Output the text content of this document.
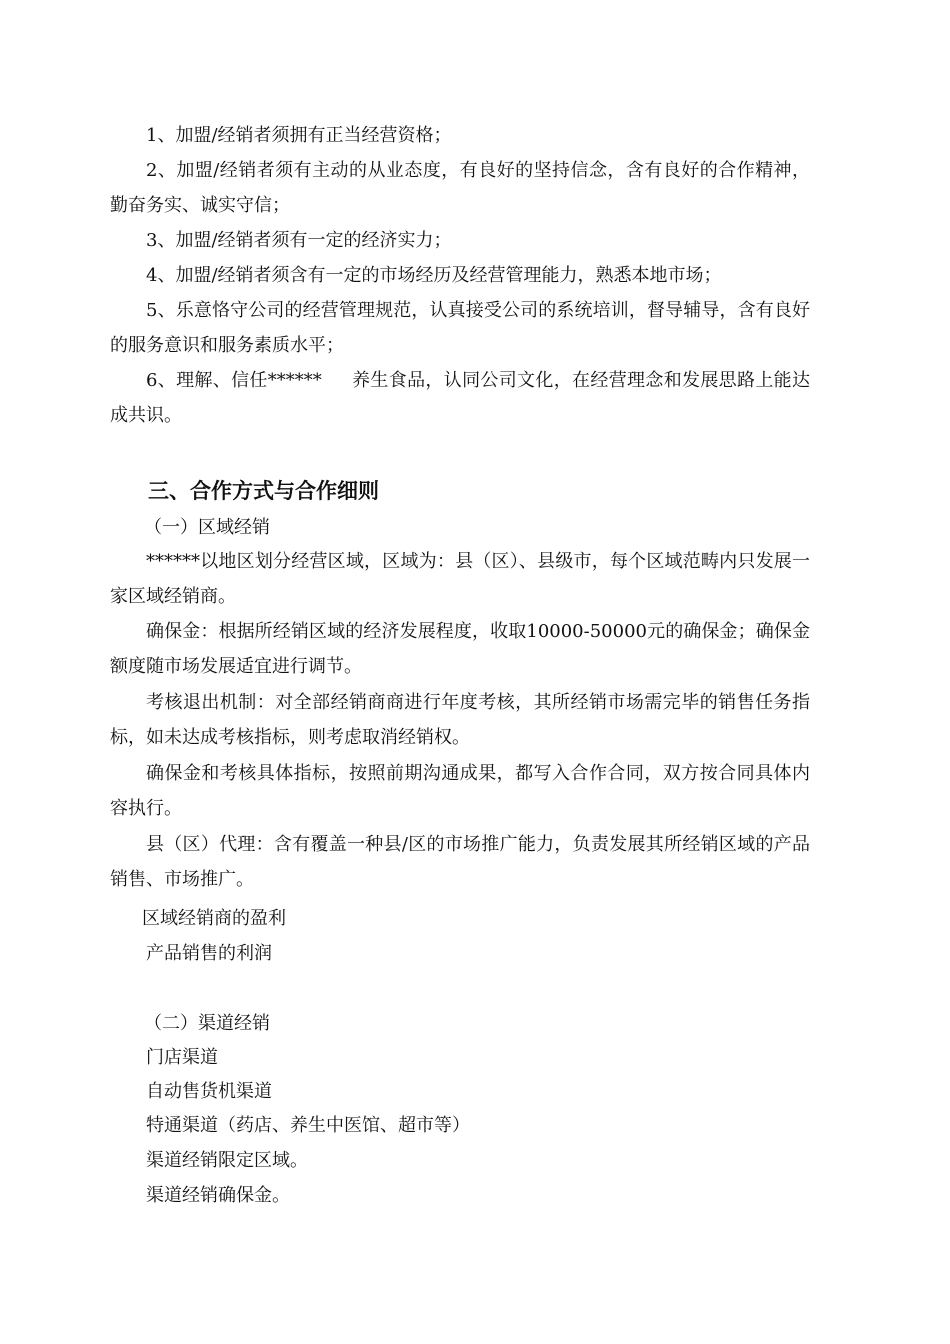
1、加盟/经销者须拥有正当经营资格；

2、加盟/经销者须有主动的从业态度，有良好的坚持信念，含有良好的合作精神，勤奋务实、诚实守信；

3、加盟/经销者须有一定的经济实力；

4、加盟/经销者须含有一定的市场经历及经营管理能力，熟悉本地市场；

5、乐意恪守公司的经营管理规范，认真接受公司的系统培训，督导辅导，含有良好的服务意识和服务素质水平；

6、理解、信任****** 养生食品，认同公司文化，在经营理念和发展思路上能达成共识。

三、合作方式与合作细则

（一）区域经销

******以地区划分经营区域，区域为：县（区）、县级市，每个区域范畴内只发展一家区域经销商。

确保金：根据所经销区域的经济发展程度，收取10000-50000元的确保金；确保金额度随市场发展适宜进行调节。

考核退出机制：对全部经销商商进行年度考核，其所经销市场需完毕的销售任务指标，如未达成考核指标，则考虑取消经销权。

确保金和考核具体指标，按照前期沟通成果，都写入合作合同，双方按合同具体内容执行。

县（区）代理：含有覆盖一种县/区的市场推广能力，负责发展其所经销区域的产品销售、市场推广。

区域经销商的盈利

产品销售的利润

（二）渠道经销

门店渠道

自动售货机渠道

特通渠道（药店、养生中医馆、超市等）

渠道经销限定区域。

渠道经销确保金。
